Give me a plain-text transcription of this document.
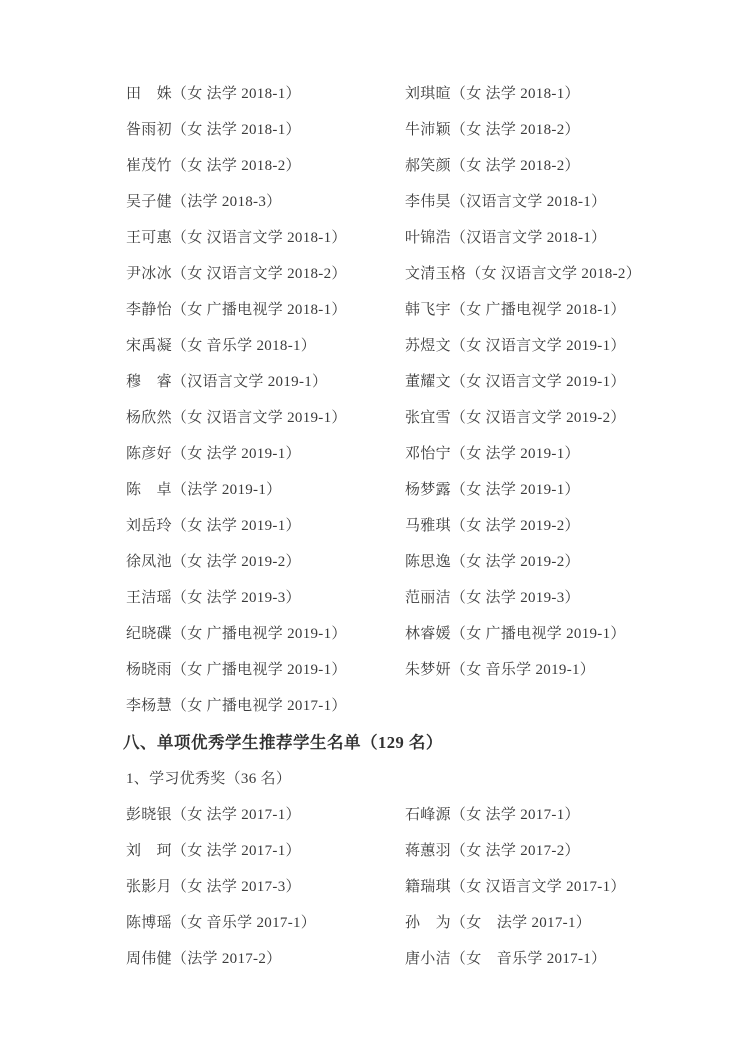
田　姝（女 法学 2018-1）	刘琪暄（女 法学 2018-1）
昝雨初（女 法学 2018-1）	牛沛颖（女 法学 2018-2）
崔茂竹（女 法学 2018-2）	郝笑颜（女 法学 2018-2）
吴子健（法学 2018-3）	李伟昊（汉语言文学 2018-1）
王可惠（女 汉语言文学 2018-1）	叶锦浩（汉语言文学 2018-1）
尹冰冰（女 汉语言文学 2018-2）	文清玉格（女 汉语言文学 2018-2）
李静怡（女 广播电视学 2018-1）	韩飞宇（女 广播电视学 2018-1）
宋禹凝（女 音乐学 2018-1）	苏煜文（女 汉语言文学 2019-1）
穆　睿（汉语言文学 2019-1）	董耀文（女 汉语言文学 2019-1）
杨欣然（女 汉语言文学 2019-1）	张宜雪（女 汉语言文学 2019-2）
陈彦好（女 法学 2019-1）	邓怡宁（女 法学 2019-1）
陈　卓（法学 2019-1）	杨梦露（女 法学 2019-1）
刘岳玲（女 法学 2019-1）	马雅琪（女 法学 2019-2）
徐凤池（女 法学 2019-2）	陈思逸（女 法学 2019-2）
王洁瑶（女 法学 2019-3）	范丽洁（女 法学 2019-3）
纪晓碟（女 广播电视学 2019-1）	林睿媛（女 广播电视学 2019-1）
杨晓雨（女 广播电视学 2019-1）	朱梦妍（女 音乐学 2019-1）
李杨慧（女 广播电视学 2017-1）
八、单项优秀学生推荐学生名单（129 名）
1、学习优秀奖（36 名）
彭晓银（女 法学 2017-1）	石峰源（女 法学 2017-1）
刘　珂（女 法学 2017-1）	蒋蕙羽（女 法学 2017-2）
张影月（女 法学 2017-3）	籍瑞琪（女 汉语言文学 2017-1）
陈博瑶（女 音乐学 2017-1）	孙　为（女　法学 2017-1）
周伟健（法学 2017-2）	唐小洁（女　音乐学 2017-1）
